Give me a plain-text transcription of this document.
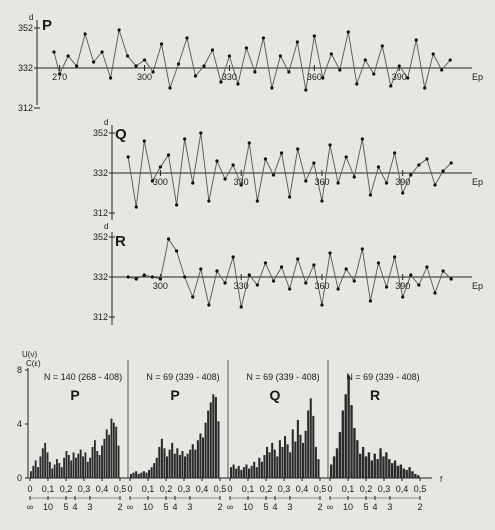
352
332
312
d
270	300	330	360	390	Ep
P
352
332
312
d
300	330	360	390	Ep
Q
352
332
312
d
300	330	360	390	Ep
R
8
4
0
U(ν)
C(ε)
f
N = 140 (268 - 408)
P
0 0,1 0,2 0,3 0,4 0,5
∞ 10 5 4 3	2
N = 69 (339 - 408)
P
0 0,1 0,2 0,3 0,4 0,5
∞ 10 5 4 3	2
N = 69 (339 - 408)
Q
0 0,1 0,2 0,3 0,4 0,5
∞ 10 5 4 3	2
N = 69 (339 - 408)
R
0 0,1 0,2 0,3 0,4 0,5
∞ 10 5 4 3	2
